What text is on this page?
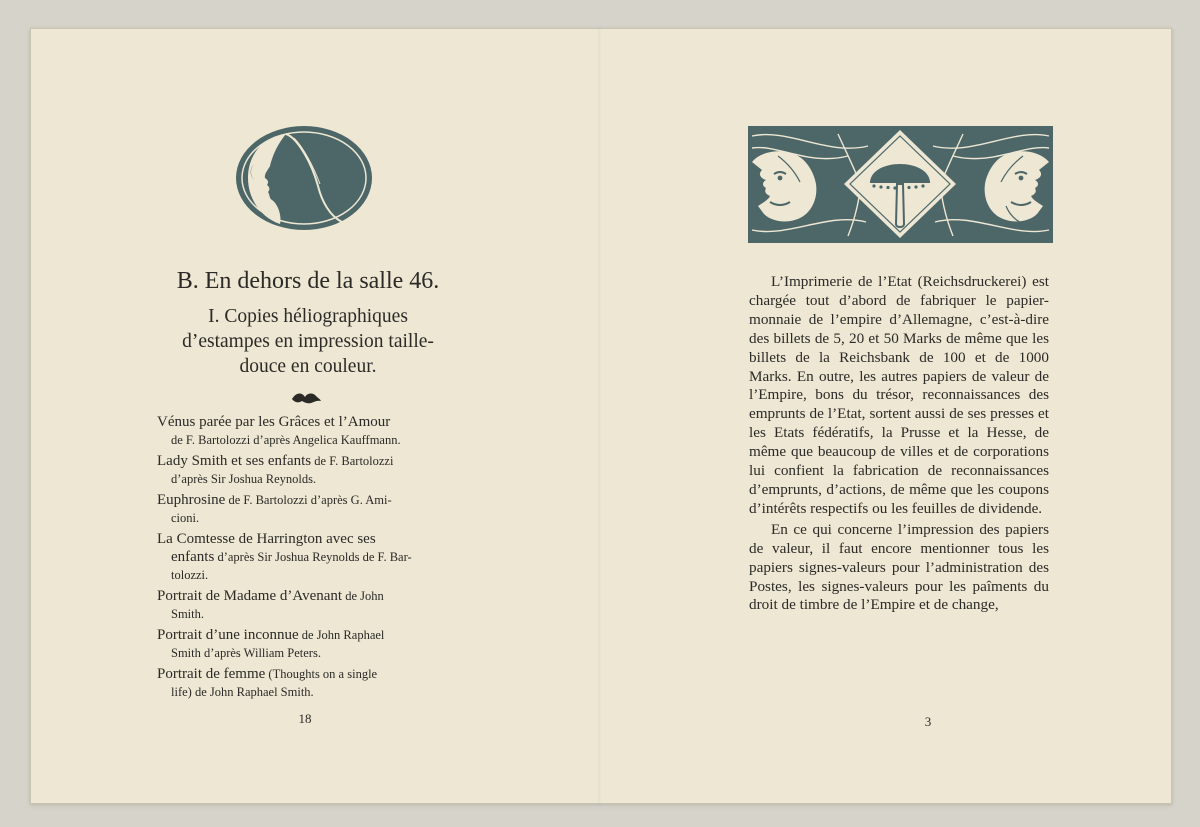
B. En dehors de la salle 46.
I. Copies héliographiques
d’estampes en impression taille-
douce en couleur.

Vénus parée par les Grâces et l’Amour

de F. Bartolozzi d’après Angelica Kauffmann.

Lady Smith et ses enfants de F. Bartolozzi

d’après Sir Joshua Reynolds.

Euphrosine de F. Bartolozzi d’après G. Ami-

cioni.

La Comtesse de Harrington avec ses

enfants d’après Sir Joshua Reynolds de F. Bar-

tolozzi.

Portrait de Madame d’Avenant de John

Smith.

Portrait d’une inconnue de John Raphael

Smith d’après William Peters.

Portrait de femme (Thoughts on a single

life) de John Raphael Smith.

18

L’Imprimerie de l’Etat (Reichsdruckerei) est chargée tout d’abord de fabriquer le papier-monnaie de l’empire d’Allemagne, c’est-à-dire des billets de 5, 20 et 50 Marks de même que les billets de la Reichsbank de 100 et de 1000 Marks. En outre, les autres papiers de valeur de l’Empire, bons du trésor, reconnaissances des emprunts de l’Etat, sortent aussi de ses presses et les Etats fédératifs, la Prusse et la Hesse, de même que beaucoup de villes et de corporations lui confient la fabrication de reconnaissances d’emprunts, d’actions, de même que les coupons d’intérêts respectifs ou les feuilles de dividende.

En ce qui concerne l’impression des papiers de valeur, il faut encore mentionner tous les papiers signes-valeurs pour l’administration des Postes, les signes-valeurs pour les paîments du droit de timbre de l’Empire et de change,

3
